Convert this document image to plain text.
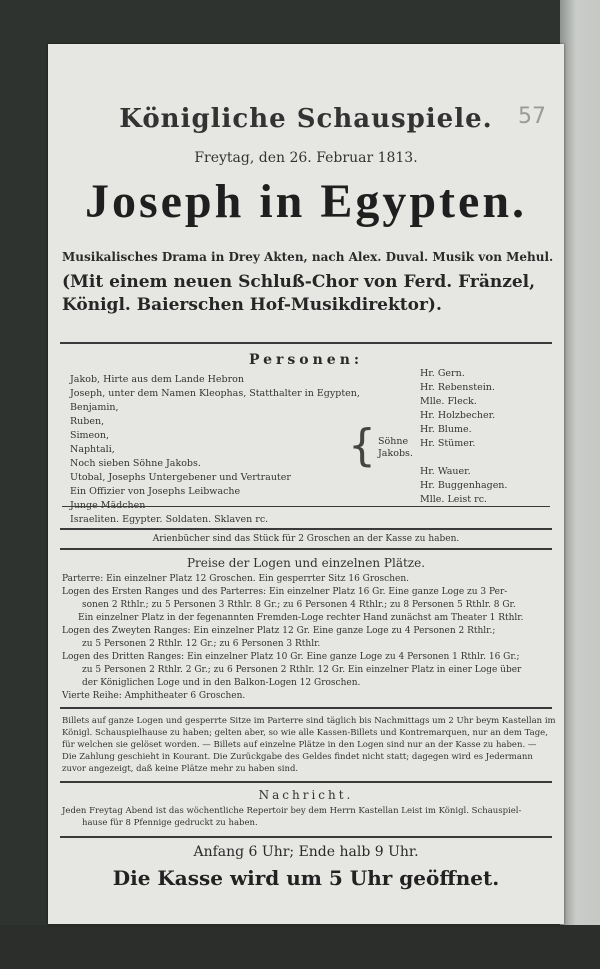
Königliche Schauspiele.	57
Freytag, den 26. Februar 1813.
Joseph in Egypten.
Musikalisches Drama in Drey Akten, nach Alex. Duval. Musik von Mehul.
(Mit einem neuen Schluß-Chor von Ferd. Fränzel,
Königl. Baierschen Hof-Musikdirektor).
Personen:
Jakob, Hirte aus dem Lande Hebron
Joseph, unter dem Namen Kleophas, Statthalter in Egypten,
Benjamin,
Ruben,
Simeon,
Naphtali,
Noch sieben Söhne Jakobs.
Utobal, Josephs Untergebener und Vertrauter
Ein Offizier von Josephs Leibwache
Israeliten. Egypter. Soldaten. Sklaven rc.
{ Söhne Jakobs.
Hr. Gern.
Hr. Rebenstein.
Mlle. Fleck.
Hr. Holzbecher.
Hr. Blume.
Hr. Stümer.
Hr. Wauer.
Hr. Buggenhagen.
Mlle. Leist rc.
Arienbücher sind das Stück für 2 Groschen an der Kasse zu haben.
Preise der Logen und einzelnen Plätze.
Parterre: Ein einzelner Platz 12 Groschen. Ein gesperrter Sitz 16 Groschen.
Logen des Ersten Ranges und des Parterres: Ein einzelner Platz 16 Gr. Eine ganze Loge zu 3 Per-
sonen 2 Rthlr.; zu 5 Personen 3 Rthlr. 8 Gr.; zu 6 Personen 4 Rthlr.; zu 8 Personen 5 Rthlr. 8 Gr.
Ein einzelner Platz in der fegenannten Fremden-Loge rechter Hand zunächst am Theater 1 Rthlr.
Logen des Zweyten Ranges: Ein einzelner Platz 12 Gr. Eine ganze Loge zu 4 Personen 2 Rthlr.;
zu 5 Personen 2 Rthlr. 12 Gr.; zu 6 Personen 3 Rthlr.
Logen des Dritten Ranges: Ein einzelner Platz 10 Gr. Eine ganze Loge zu 4 Personen 1 Rthlr. 16 Gr.;
zu 5 Personen 2 Rthlr. 2 Gr.; zu 6 Personen 2 Rthlr. 12 Gr. Ein einzelner Platz in einer Loge über
der Königlichen Loge und in den Balkon-Logen 12 Groschen.
Vierte Reihe: Amphitheater 6 Groschen.
Billets auf ganze Logen und gesperrte Sitze im Parterre sind täglich bis Nachmittags um 2 Uhr beym Kastellan im
Königl. Schauspielhause zu haben; gelten aber, so wie alle Kassen-Billets und Kontremarquen, nur an dem Tage,
für welchen sie gelöset worden. — Billets auf einzelne Plätze in den Logen sind nur an der Kasse zu haben. —
Die Zahlung geschieht in Kourant. Die Zurückgabe des Geldes findet nicht statt; dagegen wird es Jedermann
zuvor angezeigt, daß keine Plätze mehr zu haben sind.
Nachricht.
Jeden Freytag Abend ist das wöchentliche Repertoir bey dem Herrn Kastellan Leist im Königl. Schauspiel-
hause für 8 Pfennige gedruckt zu haben.
Anfang 6 Uhr; Ende halb 9 Uhr.
Die Kasse wird um 5 Uhr geöffnet.
